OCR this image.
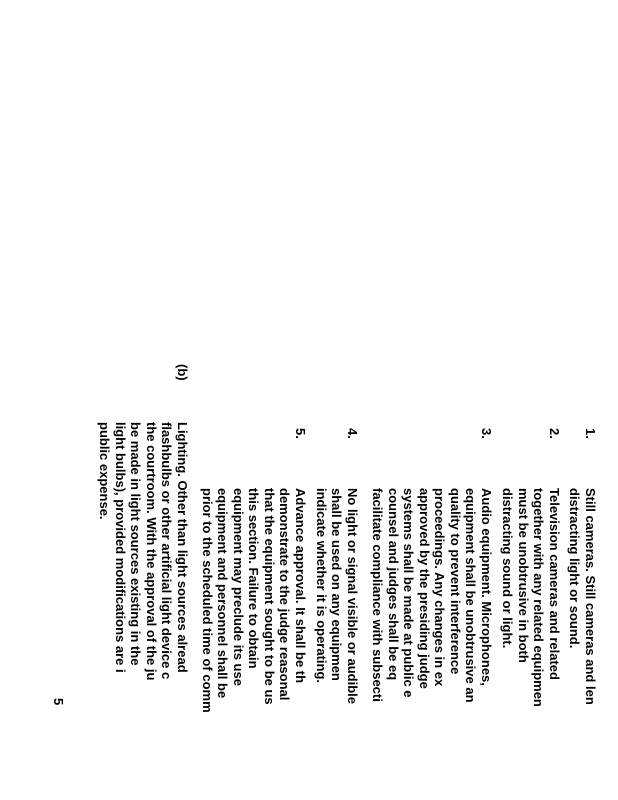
1.
Still cameras. Still cameras and len
distracting light or sound.
2.
Television cameras and related
together with any related equipmen
must be unobtrusive in both
distracting sound or light.
3.
Audio equipment. Microphones,
equipment shall be unobtrusive an
quality to prevent interference
proceedings. Any changes in ex
approved by the presiding judge
systems shall be made at public e
counsel and judges shall be eq
facilitate compliance with subsecti
4.
No light or signal visible or audible
shall be used on any equipmen
indicate whether it is operating.
5.
Advance approval. It shall be th
demonstrate to the judge reasonal
that the equipment sought to be us
this section. Failure to obtain
equipment may preclude its use
equipment and personnel shall be
prior to the scheduled time of comm
(b)
Lighting. Other than light sources alread
flashbulbs or other artificial light device c
the courtroom. With the approval of the ju
be made in light sources existing in the
light bulbs), provided modifications are i
public expense.
5
